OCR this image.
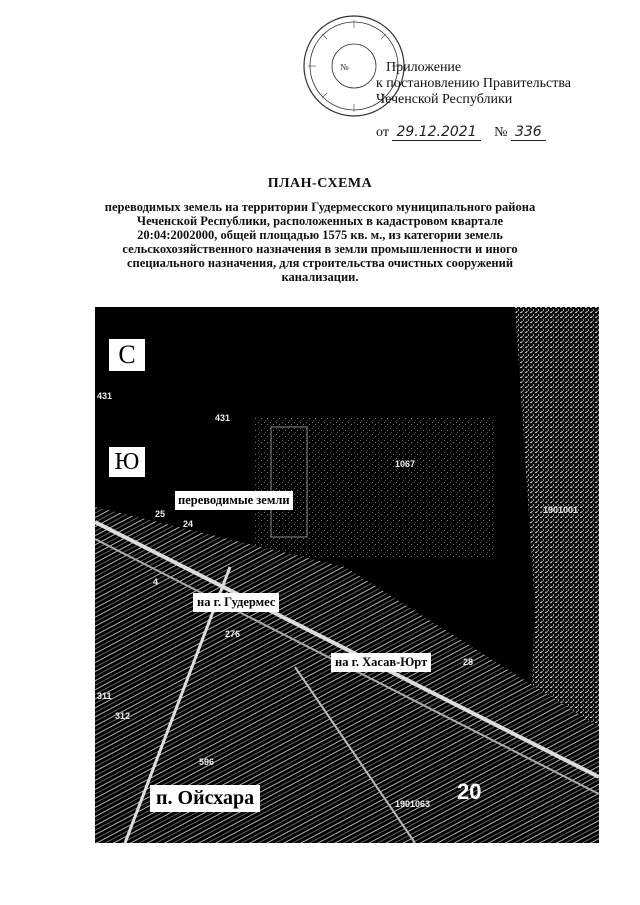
№	Приложение
к постановлению Правительства
Чеченской Республики
от 29.12.2021 № 336
ПЛАН-СХЕМА
переводимых земель на территории Гудермесского муниципального района Чеченской Республики, расположенных в кадастровом квартале 20:04:2002000, общей площадью 1575 кв. м., из категории земель сельскохозяйственного назначения в земли промышленности и иного специального назначения, для строительства очистных сооружений канализации.
431
431
1067
24
25
4
276
28
311
312
596
1901063
1901001
С
Ю
переводимые земли
на г. Гудермес
на г. Хасав-Юрт
п. Ойсхара	20
